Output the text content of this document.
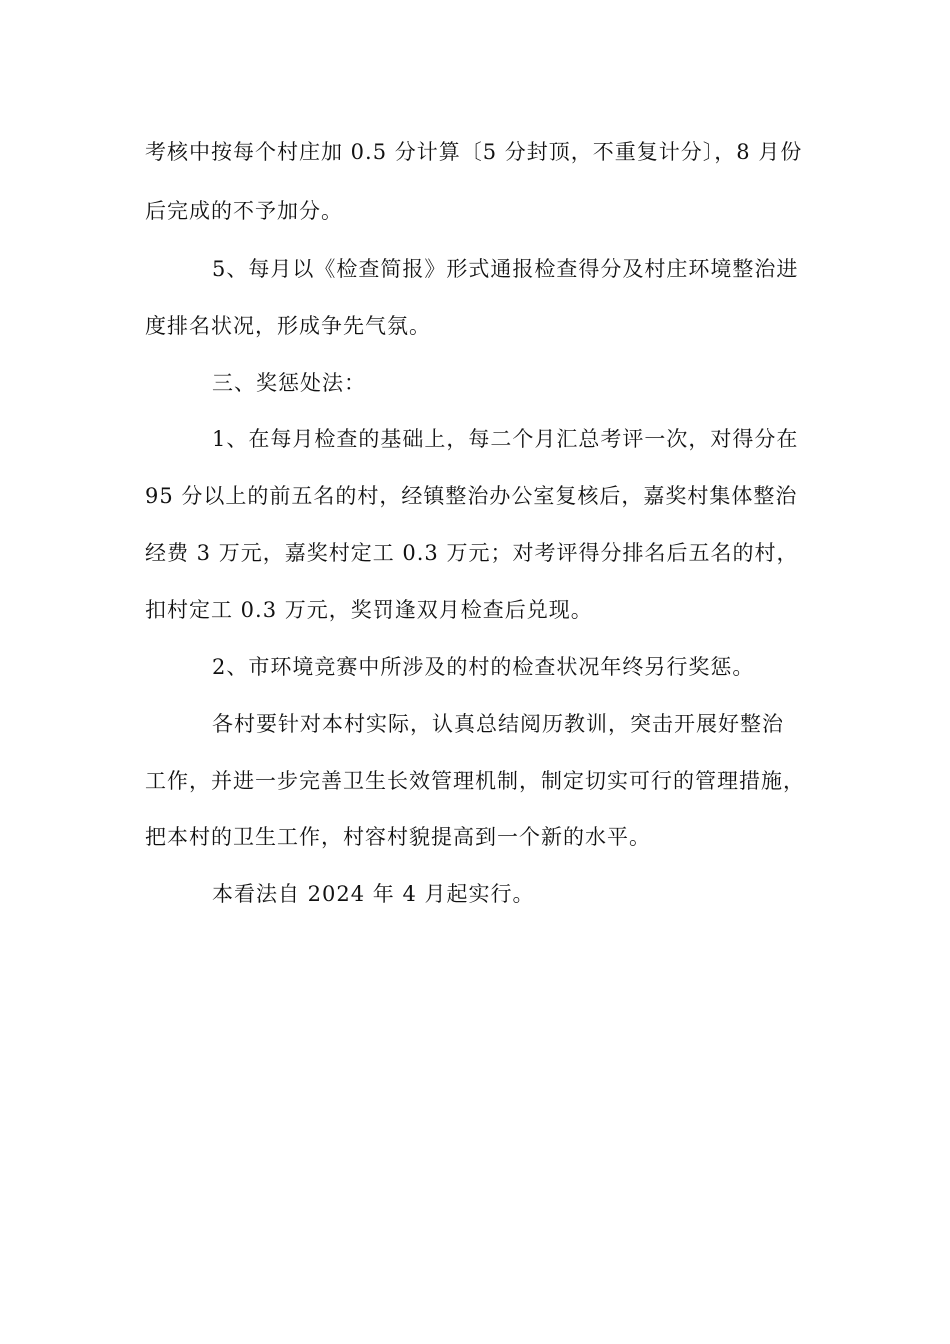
考核中按每个村庄加 0.5 分计算〔5 分封顶，不重复计分〕，8 月份
后完成的不予加分。
5、每月以《检查简报》形式通报检查得分及村庄环境整治进
度排名状况，形成争先气氛。
三、奖惩处法：
1、在每月检查的基础上，每二个月汇总考评一次，对得分在
95 分以上的前五名的村，经镇整治办公室复核后，嘉奖村集体整治
经费 3 万元，嘉奖村定工 0.3 万元；对考评得分排名后五名的村，
扣村定工 0.3 万元，奖罚逢双月检查后兑现。
2、市环境竞赛中所涉及的村的检查状况年终另行奖惩。
各村要针对本村实际，认真总结阅历教训，突击开展好整治
工作，并进一步完善卫生长效管理机制，制定切实可行的管理措施，
把本村的卫生工作，村容村貌提高到一个新的水平。
本看法自 2024 年 4 月起实行。
